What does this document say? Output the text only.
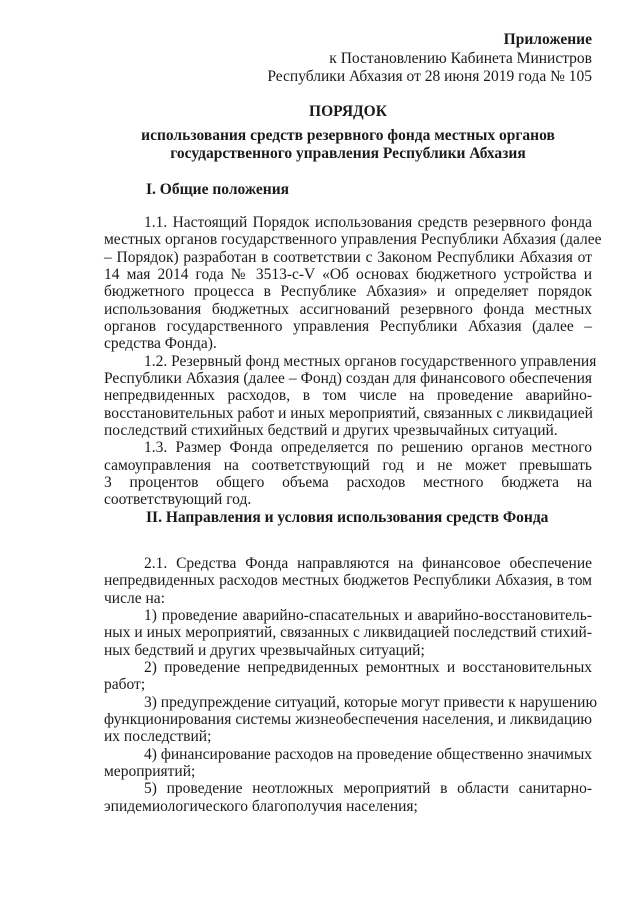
Приложение
к Постановлению Кабинета Министров
Республики Абхазия от 28 июня 2019 года № 105
ПОРЯДОК
использования средств резервного фонда местных органов
государственного управления Республики Абхазия
I. Общие положения
1.1. Настоящий Порядок использования средств резервного фонда
местных органов государственного управления Республики Абхазия (далее
– Порядок) разработан в соответствии с Законом Республики Абхазия от
14 мая 2014 года № 3513-с-V «Об основах бюджетного устройства и
бюджетного процесса в Республике Абхазия» и определяет порядок
использования бюджетных ассигнований резервного фонда местных
органов государственного управления Республики Абхазия (далее –
средства Фонда).
1.2. Резервный фонд местных органов государственного управления
Республики Абхазия (далее – Фонд) создан для финансового обеспечения
непредвиденных расходов, в том числе на проведение аварийно-
восстановительных работ и иных мероприятий, связанных с ликвидацией
последствий стихийных бедствий и других чрезвычайных ситуаций.
1.3. Размер Фонда определяется по решению органов местного
самоуправления на соответствующий год и не может превышать
3 процентов общего объема расходов местного бюджета на
соответствующий год.
II. Направления и условия использования средств Фонда
2.1. Средства Фонда направляются на финансовое обеспечение
непредвиденных расходов местных бюджетов Республики Абхазия, в том
числе на:
1) проведение аварийно-спасательных и аварийно-восстановитель-
ных и иных мероприятий, связанных с ликвидацией последствий стихий-
ных бедствий и других чрезвычайных ситуаций;
2) проведение непредвиденных ремонтных и восстановительных
работ;
3) предупреждение ситуаций, которые могут привести к нарушению
функционирования системы жизнеобеспечения населения, и ликвидацию
их последствий;
4) финансирование расходов на проведение общественно значимых
мероприятий;
5) проведение неотложных мероприятий в области санитарно-
эпидемиологического благополучия населения;
